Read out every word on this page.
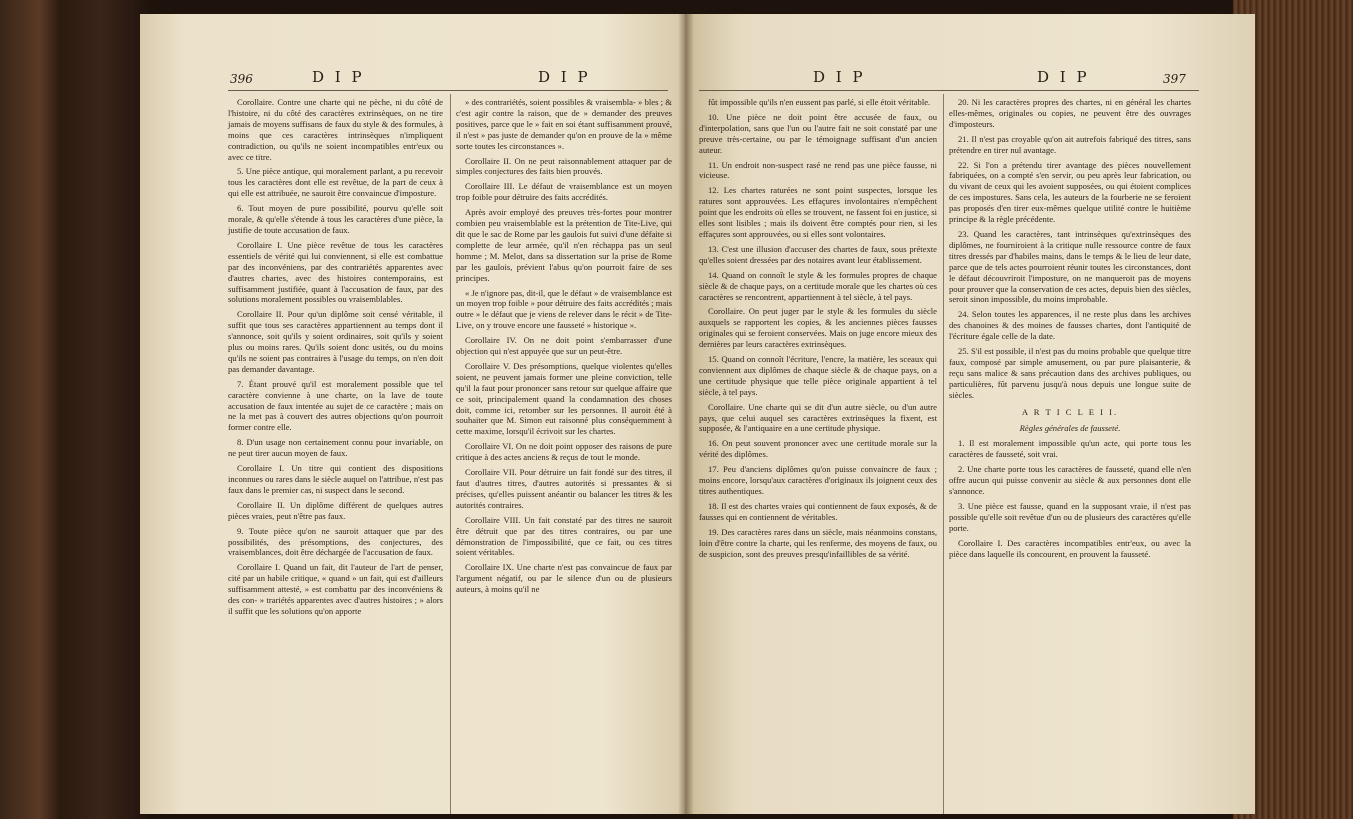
396	D I P	D I P

Corollaire. Contre une charte qui ne pèche, ni du côté de l'histoire, ni du côté des caractères extrinsèques, on ne tire jamais de moyens suffisans de faux du style & des formules, à moins que ces caractères intrinsèques n'impliquent contradiction, ou qu'ils ne soient incompatibles entr'eux ou avec ce titre.

5. Une pièce antique, qui moralement parlant, a pu recevoir tous les caractères dont elle est revêtue, de la part de ceux à qui elle est attribuée, ne sauroit être convaincue d'imposture.

6. Tout moyen de pure possibilité, pourvu qu'elle soit morale, & qu'elle s'étende à tous les caractères d'une pièce, la justifie de toute accusation de faux.

Corollaire I. Une pièce revêtue de tous les caractères essentiels de vérité qui lui conviennent, si elle est combattue par des inconvéniens, par des contrariétés apparentes avec d'autres chartes, avec des histoires contemporains, est suffisamment justifiée, quant à l'accusation de faux, par des solutions moralement possibles ou vraisemblables.

Corollaire II. Pour qu'un diplôme soit censé véritable, il suffit que tous ses caractères appartiennent au temps dont il s'annonce, soit qu'ils y soient ordinaires, soit qu'ils y soient plus ou moins rares. Qu'ils soient donc usités, ou du moins qu'ils ne soient pas contraires à l'usage du temps, on n'en doit pas demander davantage.

7. Étant prouvé qu'il est moralement possible que tel caractère convienne à une charte, on la lave de toute accusation de faux intentée au sujet de ce caractère ; mais on ne la met pas à couvert des autres objections qu'on pourroit former contre elle.

8. D'un usage non certainement connu pour invariable, on ne peut tirer aucun moyen de faux.

Corollaire I. Un titre qui contient des dispositions inconnues ou rares dans le siècle auquel on l'attribue, n'est pas faux dans le premier cas, ni suspect dans le second.

Corollaire II. Un diplôme différent de quelques autres pièces vraies, peut n'être pas faux.

9. Toute pièce qu'on ne sauroit attaquer que par des possibilités, des présomptions, des conjectures, des vraisemblances, doit être déchargée de l'accusation de faux.

Corollaire I. Quand un fait, dit l'auteur de l'art de penser, cité par un habile critique, « quand » un fait, qui est d'ailleurs suffisamment attesté, » est combattu par des inconvéniens & des con- » trariétés apparentes avec d'autres histoires ; » alors il suffit que les solutions qu'on apporte

» des contrariétés, soient possibles & vraisembla- » bles ; & c'est agir contre la raison, que de » demander des preuves positives, parce que le » fait en soi étant suffisamment prouvé, il n'est » pas juste de demander qu'on en prouve de la » même sorte toutes les circonstances ».

Corollaire II. On ne peut raisonnablement attaquer par de simples conjectures des faits bien prouvés.

Corollaire III. Le défaut de vraisemblance est un moyen trop foible pour détruire des faits accrédités.

Après avoir employé des preuves très-fortes pour montrer combien peu vraisemblable est la prétention de Tite-Live, qui dit que le sac de Rome par les gaulois fut suivi d'une défaite si complette de leur armée, qu'il n'en réchappa pas un seul homme ; M. Melot, dans sa dissertation sur la prise de Rome par les gaulois, prévient l'abus qu'on pourroit faire de ses principes.

« Je n'ignore pas, dit-il, que le défaut » de vraisemblance est un moyen trop foible » pour détruire des faits accrédités ; mais outre » le défaut que je viens de relever dans le récit » de Tite-Live, on y trouve encore une fausseté » historique ».

Corollaire IV. On ne doit point s'embarrasser d'une objection qui n'est appuyée que sur un peut-être.

Corollaire V. Des présomptions, quelque violentes qu'elles soient, ne peuvent jamais former une pleine conviction, telle qu'il la faut pour prononcer sans retour sur quelque affaire que ce soit, principalement quand la condamnation des choses doit, comme ici, retomber sur les personnes. Il auroit été à souhaiter que M. Simon eut raisonné plus conséquemment à cette maxime, lorsqu'il écrivoit sur les chartes.

Corollaire VI. On ne doit point opposer des raisons de pure critique à des actes anciens & reçus de tout le monde.

Corollaire VII. Pour détruire un fait fondé sur des titres, il faut d'autres titres, d'autres autorités si pressantes & si précises, qu'elles puissent anéantir ou balancer les titres & les autorités contraires.

Corollaire VIII. Un fait constaté par des titres ne sauroit être détruit que par des titres contraires, ou par une démonstration de l'impossibilité, que ce fait, ou ces titres soient véritables.

Corollaire IX. Une charte n'est pas convaincue de faux par l'argument négatif, ou par le silence d'un ou de plusieurs auteurs, à moins qu'il ne

D I P	D I P	397

fût impossible qu'ils n'en eussent pas parlé, si elle étoit véritable.

10. Une pièce ne doit point être accusée de faux, ou d'interpolation, sans que l'un ou l'autre fait ne soit constaté par une preuve très-certaine, ou par le témoignage suffisant d'un ancien auteur.

11. Un endroit non-suspect rasé ne rend pas une pièce fausse, ni vicieuse.

12. Les chartes raturées ne sont point suspectes, lorsque les ratures sont approuvées. Les effaçures involontaires n'empêchent point que les endroits où elles se trouvent, ne fassent foi en justice, si elles sont lisibles ; mais ils doivent être comptés pour rien, si les effaçures sont approuvées, ou si elles sont volontaires.

13. C'est une illusion d'accuser des chartes de faux, sous prétexte qu'elles soient dressées par des notaires avant leur établissement.

14. Quand on connoît le style & les formules propres de chaque siècle & de chaque pays, on a certitude morale que les chartes où ces caractères se rencontrent, appartiennent à tel siècle, à tel pays.

Corollaire. On peut juger par le style & les formules du siècle auxquels se rapportent les copies, & les anciennes pièces fausses originales qui se feroient conservées. Mais on juge encore mieux des dernières par leurs caractères extrinsèques.

15. Quand on connoît l'écriture, l'encre, la matière, les sceaux qui conviennent aux diplômes de chaque siècle & de chaque pays, on a une certitude physique que telle pièce originale appartient à tel siècle, à tel pays.

Corollaire. Une charte qui se dit d'un autre siècle, ou d'un autre pays, que celui auquel ses caractères extrinsèques la fixent, est supposée, & l'antiquaire en a une certitude physique.

16. On peut souvent prononcer avec une certitude morale sur la vérité des diplômes.

17. Peu d'anciens diplômes qu'on puisse convaincre de faux ; moins encore, lorsqu'aux caractères d'originaux ils joignent ceux des titres authentiques.

18. Il est des chartes vraies qui contiennent de faux exposés, & de fausses qui en contiennent de véritables.

19. Des caractères rares dans un siècle, mais néanmoins constans, loin d'être contre la charte, qui les renferme, des moyens de faux, ou de suspicion, sont des preuves presqu'infaillibles de sa vérité.

20. Ni les caractères propres des chartes, ni en général les chartes elles-mêmes, originales ou copies, ne peuvent être des ouvrages d'imposteurs.

21. Il n'est pas croyable qu'on ait autrefois fabriqué des titres, sans prétendre en tirer nul avantage.

22. Si l'on a prétendu tirer avantage des pièces nouvellement fabriquées, on a compté s'en servir, ou peu après leur fabrication, ou du vivant de ceux qui les avoient supposées, ou qui étoient complices de ces impostures. Sans cela, les auteurs de la fourberie ne se feroient pas proposés d'en tirer eux-mêmes quelque utilité contre le huitième principe & la règle précédente.

23. Quand les caractères, tant intrinsèques qu'extrinsèques des diplômes, ne fourniroient à la critique nulle ressource contre de faux titres dressés par d'habiles mains, dans le temps & le lieu de leur date, parce que de tels actes pourroient réunir toutes les circonstances, dont le défaut découvriroit l'imposture, on ne manqueroit pas de moyens pour prouver que la conservation de ces actes, depuis bien des siècles, seroit sinon impossible, du moins improbable.

24. Selon toutes les apparences, il ne reste plus dans les archives des chanoines & des moines de fausses chartes, dont l'antiquité de l'écriture égale celle de la date.

25. S'il est possible, il n'est pas du moins probable que quelque titre faux, composé par simple amusement, ou par pure plaisanterie, & reçu sans malice & sans précaution dans des archives publiques, ou particulières, fût parvenu jusqu'à nous depuis une longue suite de siècles.

A R T I C L E I I.

Règles générales de fausseté.

1. Il est moralement impossible qu'un acte, qui porte tous les caractères de fausseté, soit vrai.

2. Une charte porte tous les caractères de fausseté, quand elle n'en offre aucun qui puisse convenir au siècle & aux personnes dont elle s'annonce.

3. Une pièce est fausse, quand en la supposant vraie, il n'est pas possible qu'elle soit revêtue d'un ou de plusieurs des caractères qu'elle porte.

Corollaire I. Des caractères incompatibles entr'eux, ou avec la pièce dans laquelle ils concourent, en prouvent la fausseté.
